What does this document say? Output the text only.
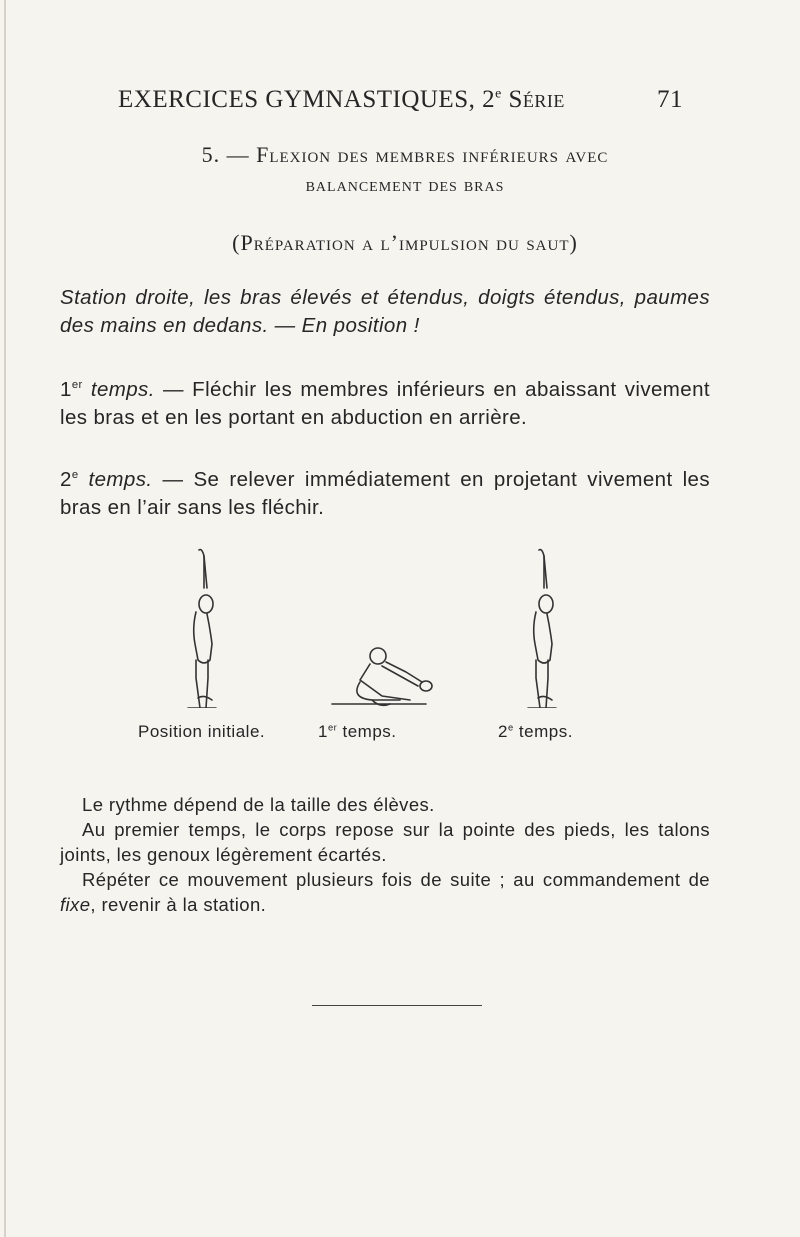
EXERCICES GYMNASTIQUES, 2e Série	71
5. — Flexion des membres inférieurs avec
balancement des bras
(Préparation a l’impulsion du saut)
Station droite, les bras élevés et étendus, doigts étendus, paumes des mains en dedans. — En position !
1er temps. — Fléchir les membres inférieurs en abaissant vivement les bras et en les portant en abduction en arrière.
2e temps. — Se relever immédiatement en projetant vivement les bras en l’air sans les fléchir.
Position initiale.	1er temps.	2e temps.

Le rythme dépend de la taille des élèves.

Au premier temps, le corps repose sur la pointe des pieds, les talons joints, les genoux légèrement écartés.

Répéter ce mouvement plusieurs fois de suite ; au commandement de fixe, revenir à la station.
